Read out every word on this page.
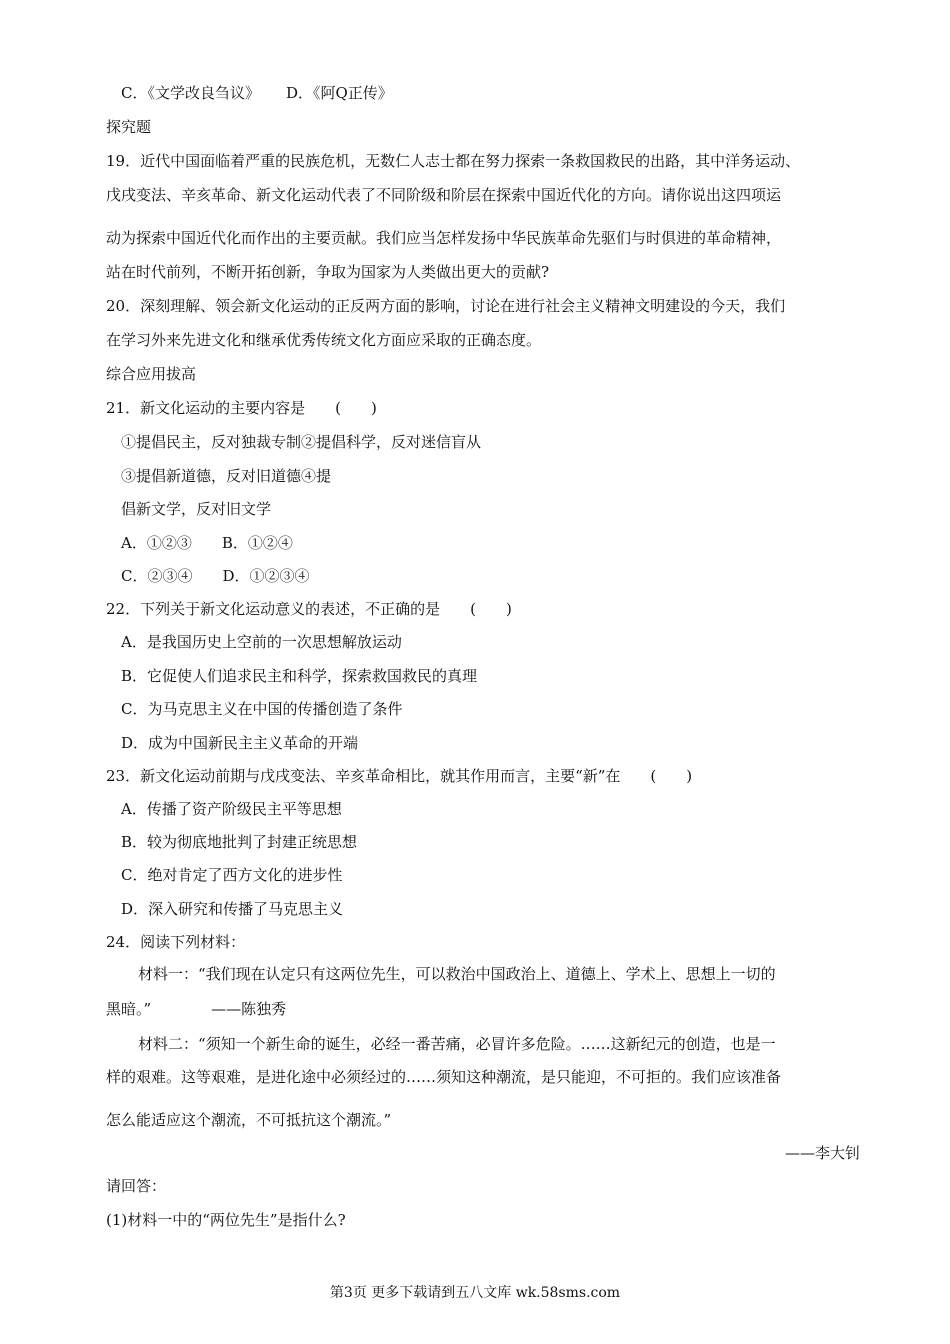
C．《文学改良刍议》 D．《阿Q正传》
探究题
19．近代中国面临着严重的民族危机，无数仁人志士都在努力探索一条救国救民的出路，其中洋务运动、
戊戌变法、辛亥革命、新文化运动代表了不同阶级和阶层在探索中国近代化的方向。请你说出这四项运
动为探索中国近代化而作出的主要贡献。我们应当怎样发扬中华民族革命先驱们与时俱进的革命精神，
站在时代前列，不断开拓创新，争取为国家为人类做出更大的贡献?
20．深刻理解、领会新文化运动的正反两方面的影响，讨论在进行社会主义精神文明建设的今天，我们
在学习外来先进文化和继承优秀传统文化方面应采取的正确态度。
综合应用拔高
21．新文化运动的主要内容是　　(　　)
①提倡民主，反对独裁专制②提倡科学，反对迷信盲从
③提倡新道德，反对旧道德④提
倡新文学，反对旧文学
A．①②③ B．①②④
C．②③④ D．①②③④
22．下列关于新文化运动意义的表述，不正确的是　　(　　)
A．是我国历史上空前的一次思想解放运动
B．它促使人们追求民主和科学，探索救国救民的真理
C．为马克思主义在中国的传播创造了条件
D．成为中国新民主主义革命的开端
23．新文化运动前期与戊戌变法、辛亥革命相比，就其作用而言，主要“新”在　　(　　)
A．传播了资产阶级民主平等思想
B．较为彻底地批判了封建正统思想
C．绝对肯定了西方文化的进步性
D．深入研究和传播了马克思主义
24．阅读下列材料：
材料一：“我们现在认定只有这两位先生，可以救治中国政治上、道德上、学术上、思想上一切的
黑暗。”　　　　——陈独秀
材料二：“须知一个新生命的诞生，必经一番苦痛，必冒许多危险。……这新纪元的创造，也是一
样的艰难。这等艰难，是进化途中必须经过的……须知这种潮流，是只能迎，不可拒的。我们应该准备
怎么能适应这个潮流，不可抵抗这个潮流。”
——李大钊
请回答：
(1)材料一中的“两位先生”是指什么?
第3页 更多下载请到五八文库 wk.58sms.com
